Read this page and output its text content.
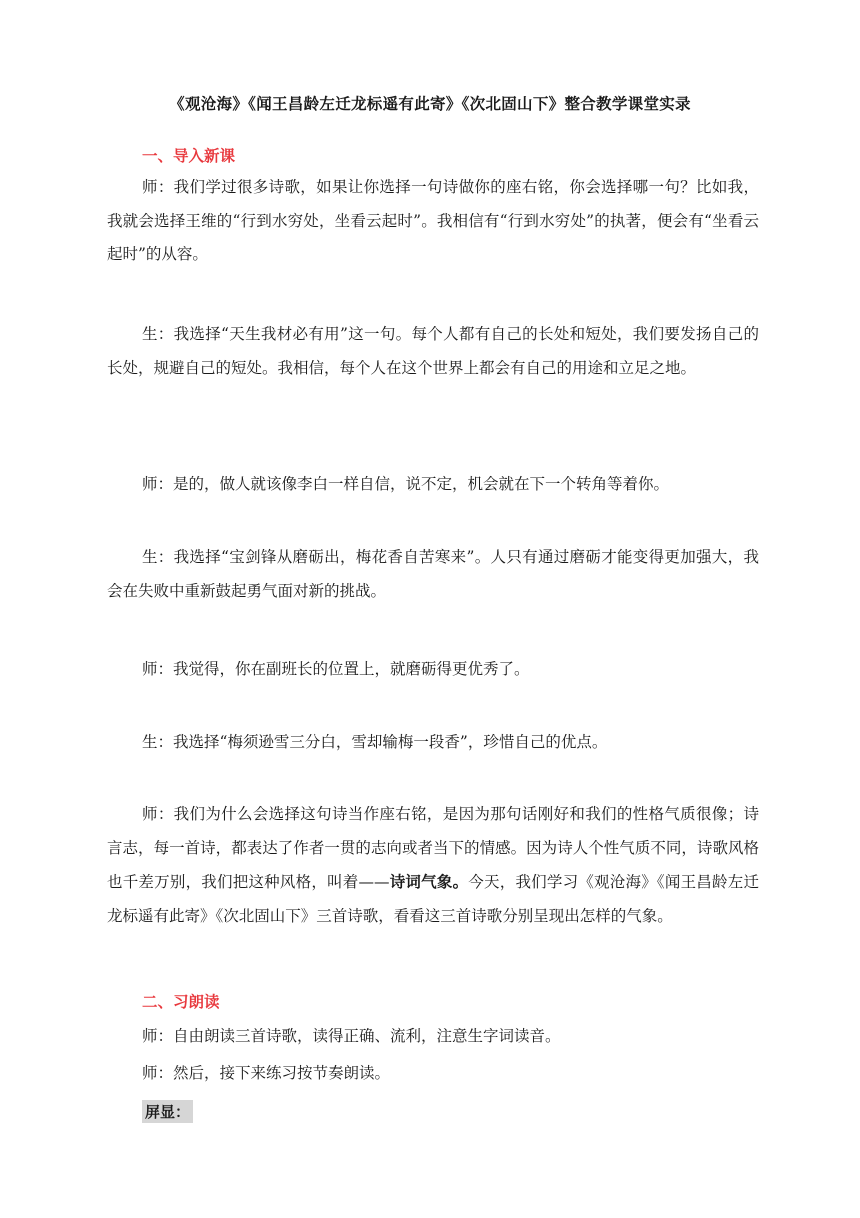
《观沧海》《闻王昌龄左迁龙标遥有此寄》《次北固山下》整合教学课堂实录
一、导入新课

师：我们学过很多诗歌，如果让你选择一句诗做你的座右铭，你会选择哪一句？比如我，我就会选择王维的“行到水穷处，坐看云起时”。我相信有“行到水穷处”的执著，便会有“坐看云起时”的从容。

生：我选择“天生我材必有用”这一句。每个人都有自己的长处和短处，我们要发扬自己的长处，规避自己的短处。我相信，每个人在这个世界上都会有自己的用途和立足之地。

师：是的，做人就该像李白一样自信，说不定，机会就在下一个转角等着你。

生：我选择“宝剑锋从磨砺出，梅花香自苦寒来”。人只有通过磨砺才能变得更加强大，我会在失败中重新鼓起勇气面对新的挑战。

师：我觉得，你在副班长的位置上，就磨砺得更优秀了。

生：我选择“梅须逊雪三分白，雪却输梅一段香”，珍惜自己的优点。

师：我们为什么会选择这句诗当作座右铭，是因为那句话刚好和我们的性格气质很像；诗言志，每一首诗，都表达了作者一贯的志向或者当下的情感。因为诗人个性气质不同，诗歌风格也千差万别，我们把这种风格，叫着——诗词气象。今天，我们学习《观沧海》《闻王昌龄左迁龙标遥有此寄》《次北固山下》三首诗歌，看看这三首诗歌分别呈现出怎样的气象。

二、习朗读

师：自由朗读三首诗歌，读得正确、流利，注意生字词读音。

师：然后，接下来练习按节奏朗读。

屏显：
